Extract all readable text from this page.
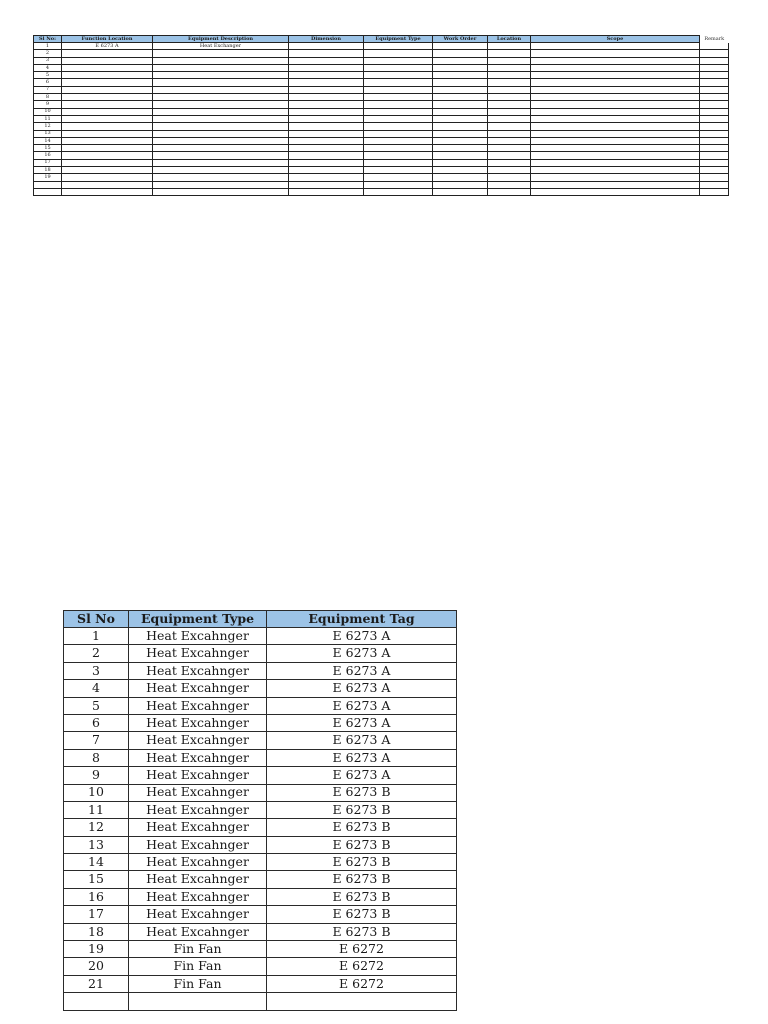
Sl No:	Function Location	Equipment Description	Dimension	Equipment Type	Work Order	Location	Scope	Remark
1	E 6273 A	Heat Exchanger						
2								
3								
4								
5								
6								
7								
8								
9								
10								
11								
12								
13								
14								
15								
16								
17								
18								
19								

Sl No	Equipment Type	Equipment Tag
1	Heat Excahnger	E 6273 A
2	Heat Excahnger	E 6273 A
3	Heat Excahnger	E 6273 A
4	Heat Excahnger	E 6273 A
5	Heat Excahnger	E 6273 A
6	Heat Excahnger	E 6273 A
7	Heat Excahnger	E 6273 A
8	Heat Excahnger	E 6273 A
9	Heat Excahnger	E 6273 A
10	Heat Excahnger	E 6273 B
11	Heat Excahnger	E 6273 B
12	Heat Excahnger	E 6273 B
13	Heat Excahnger	E 6273 B
14	Heat Excahnger	E 6273 B
15	Heat Excahnger	E 6273 B
16	Heat Excahnger	E 6273 B
17	Heat Excahnger	E 6273 B
18	Heat Excahnger	E 6273 B
19	Fin Fan	E 6272
20	Fin Fan	E 6272
21	Fin Fan	E 6272
